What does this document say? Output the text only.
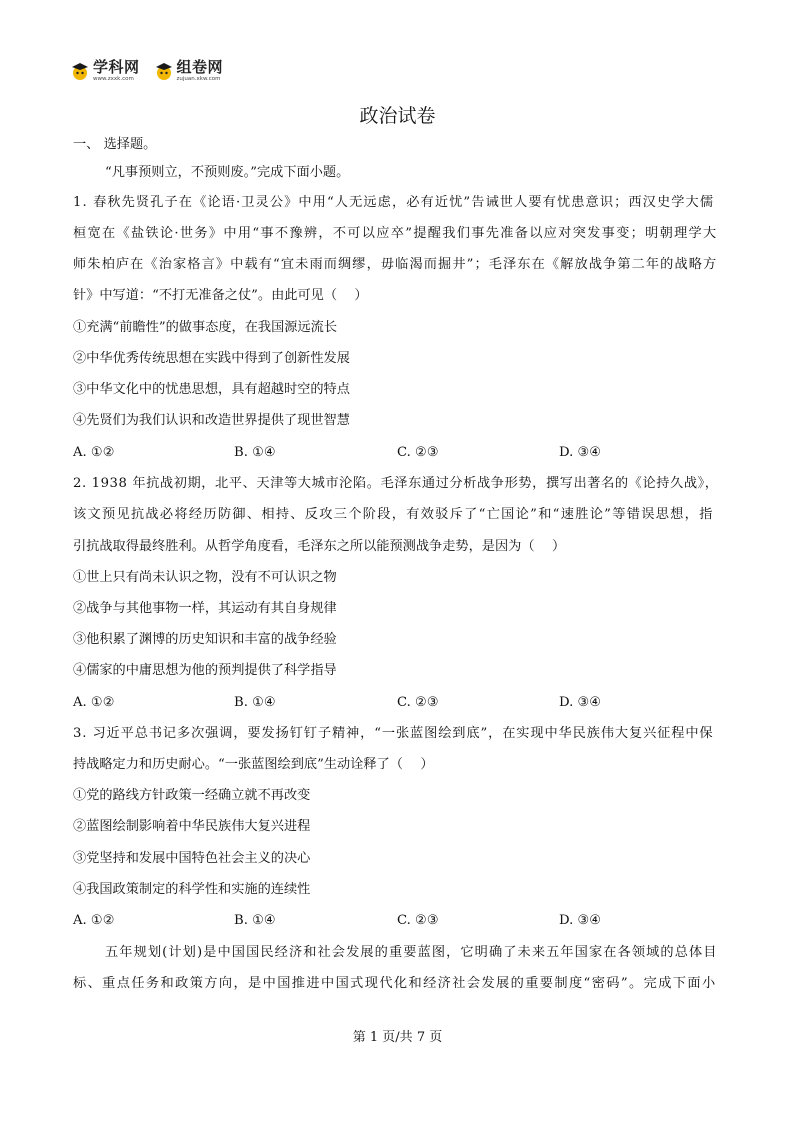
学科网
www.zxxk.com
组卷网
zujuan.xkw.com
政治试卷
一、 选择题。
“凡事预则立，不预则废。”完成下面小题。
1. 春秋先贤孔子在《论语·卫灵公》中用“人无远虑，必有近忧”告诫世人要有忧患意识；西汉史学大儒
桓宽在《盐铁论·世务》中用“事不豫辨，不可以应卒”提醒我们事先准备以应对突发事变；明朝理学大
师朱柏庐在《治家格言》中载有“宜未雨而绸缪，毋临渴而掘井”；毛泽东在《解放战争第二年的战略方
针》中写道：“不打无准备之仗”。由此可见（　 ）
①充满“前瞻性”的做事态度，在我国源远流长
②中华优秀传统思想在实践中得到了创新性发展
③中华文化中的忧患思想，具有超越时空的特点
④先贤们为我们认识和改造世界提供了现世智慧
A. ①②	B. ①④	C. ②③	D. ③④
2. 1938 年抗战初期，北平、天津等大城市沦陷。毛泽东通过分析战争形势，撰写出著名的《论持久战》，
该文预见抗战必将经历防御、相持、反攻三个阶段，有效驳斥了“亡国论”和“速胜论”等错误思想，指
引抗战取得最终胜利。从哲学角度看，毛泽东之所以能预测战争走势，是因为（　 ）
①世上只有尚未认识之物，没有不可认识之物
②战争与其他事物一样，其运动有其自身规律
③他积累了渊博的历史知识和丰富的战争经验
④儒家的中庸思想为他的预判提供了科学指导
A. ①②	B. ①④	C. ②③	D. ③④
3. 习近平总书记多次强调，要发扬钉钉子精神，“一张蓝图绘到底”，在实现中华民族伟大复兴征程中保
持战略定力和历史耐心。“一张蓝图绘到底”生动诠释了（　 ）
①党的路线方针政策一经确立就不再改变
②蓝图绘制影响着中华民族伟大复兴进程
③党坚持和发展中国特色社会主义的决心
④我国政策制定的科学性和实施的连续性
A. ①②	B. ①④	C. ②③	D. ③④
五年规划(计划)是中国国民经济和社会发展的重要蓝图，它明确了未来五年国家在各领域的总体目
标、重点任务和政策方向，是中国推进中国式现代化和经济社会发展的重要制度“密码”。完成下面小
第 1 页/共 7 页
